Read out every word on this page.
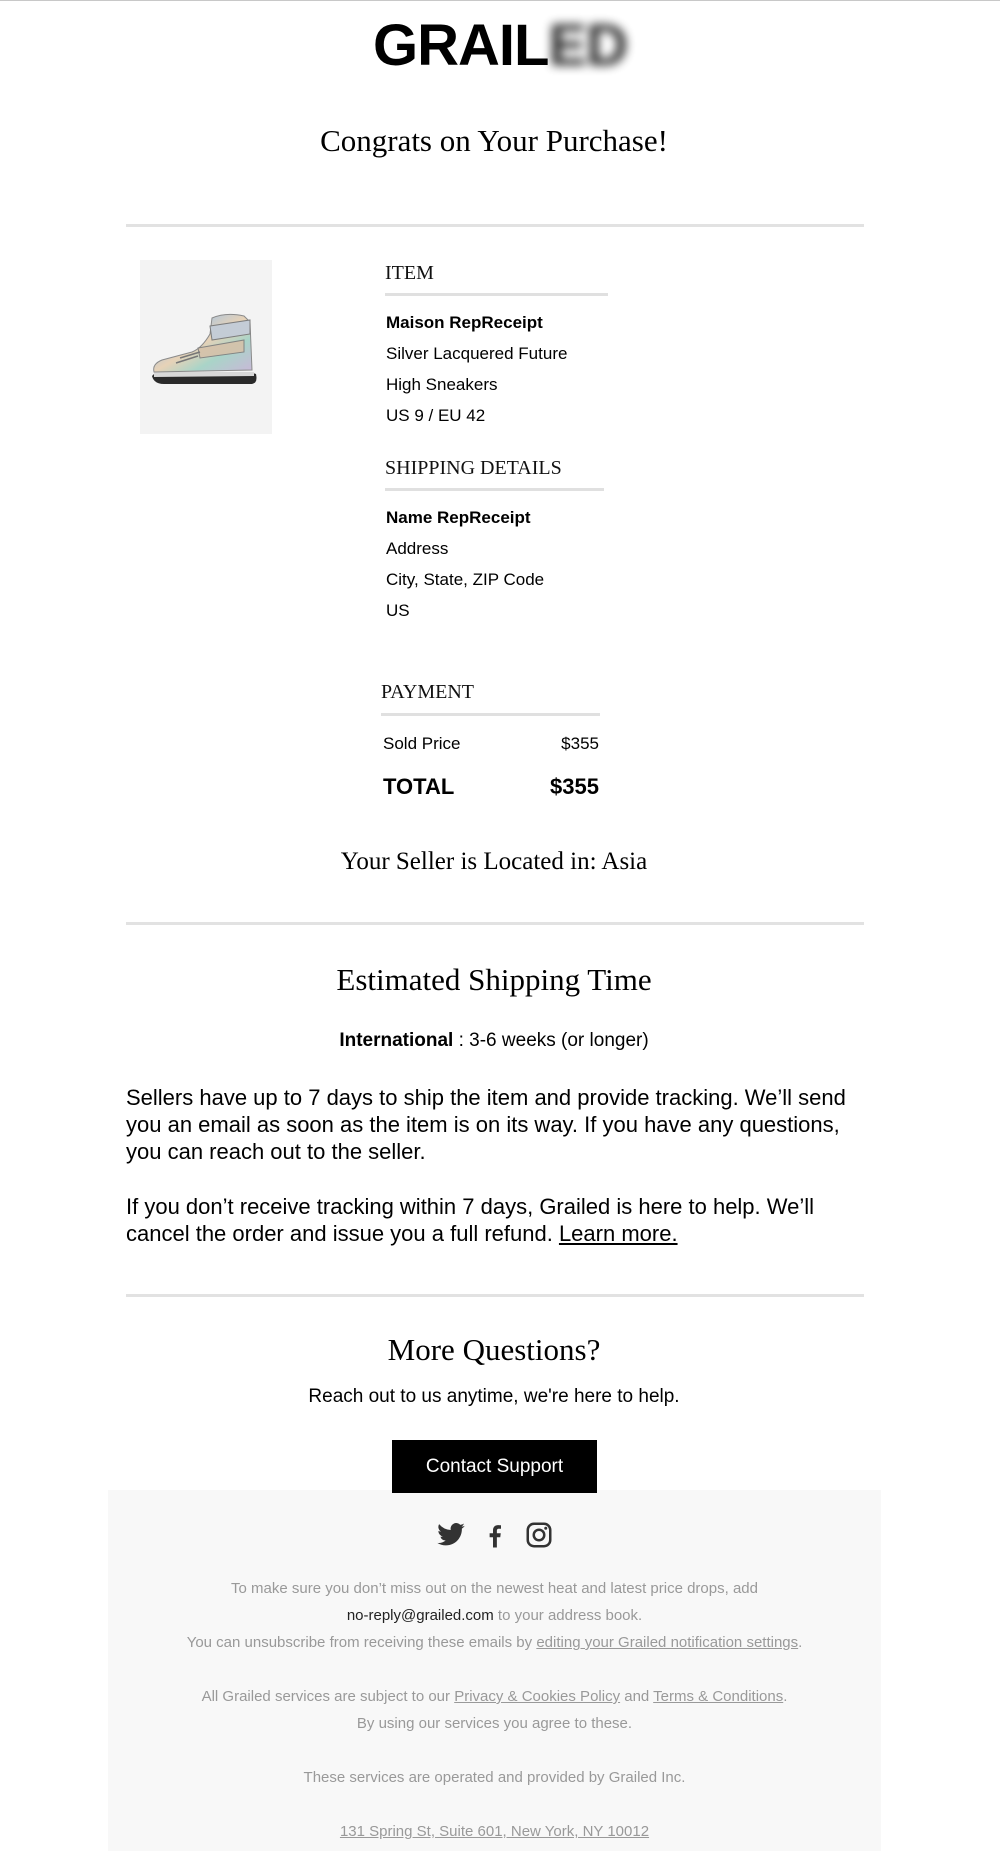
GRAILED
Congrats on Your Purchase!
ITEM
Maison RepReceipt
Silver Lacquered Future
High Sneakers
US 9 / EU 42
SHIPPING DETAILS
Name RepReceipt
Address
City, State, ZIP Code
US
PAYMENT
Sold Price	$355
TOTAL	$355
Your Seller is Located in: Asia
Estimated Shipping Time
International : 3-6 weeks (or longer)
Sellers have up to 7 days to ship the item and provide tracking. We’ll send you an email as soon as the item is on its way. If you have any questions, you can reach out to the seller.
If you don’t receive tracking within 7 days, Grailed is here to help. We’ll cancel the order and issue you a full refund. Learn more.
More Questions?
Reach out to us anytime, we're here to help.
To make sure you don’t miss out on the newest heat and latest price drops, add
no-reply@grailed.com to your address book.
You can unsubscribe from receiving these emails by editing your Grailed notification settings.
All Grailed services are subject to our Privacy & Cookies Policy and Terms & Conditions.
By using our services you agree to these.
These services are operated and provided by Grailed Inc.
131 Spring St, Suite 601, New York, NY 10012
Contact Support
